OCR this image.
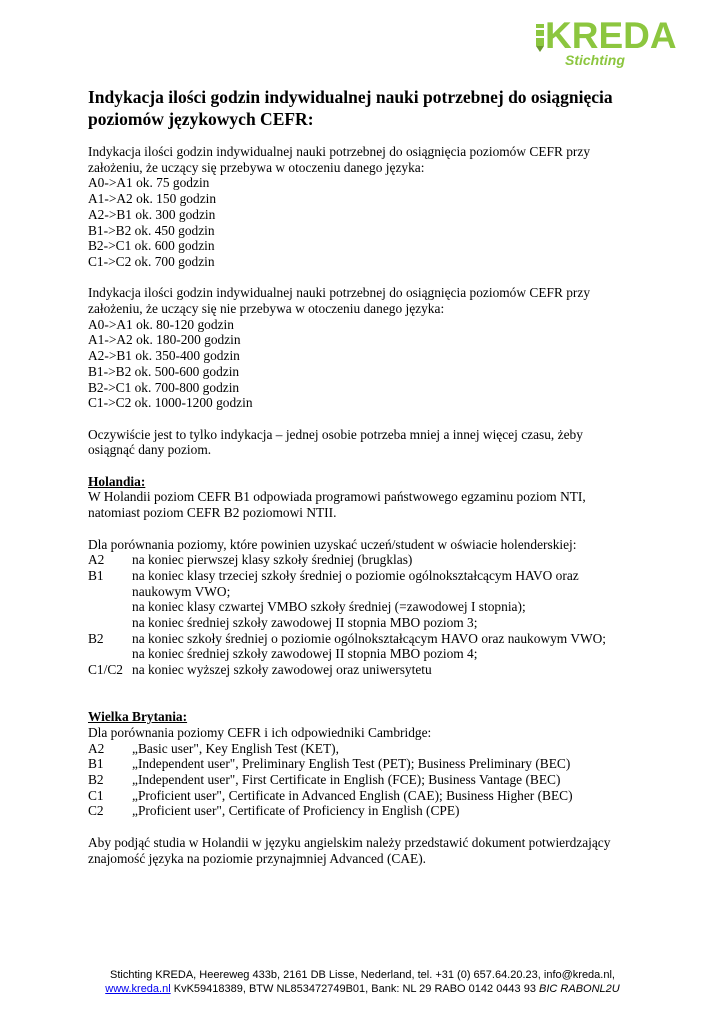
KREDA
Stichting
Indykacja ilości godzin indywidualnej nauki potrzebnej do osiągnięcia poziomów językowych CEFR:

Indykacja ilości godzin indywidualnej nauki potrzebnej do osiągnięcia poziomów CEFR przy

założeniu, że uczący się przebywa w otoczeniu danego języka:

A0->A1 ok. 75 godzin

A1->A2 ok. 150 godzin

A2->B1 ok. 300 godzin

B1->B2 ok. 450 godzin

B2->C1 ok. 600 godzin

C1->C2 ok. 700 godzin

Indykacja ilości godzin indywidualnej nauki potrzebnej do osiągnięcia poziomów CEFR przy

założeniu, że uczący się nie przebywa w otoczeniu danego języka:

A0->A1 ok. 80-120 godzin

A1->A2 ok. 180-200 godzin

A2->B1 ok. 350-400 godzin

B1->B2 ok. 500-600 godzin

B2->C1 ok. 700-800 godzin

C1->C2 ok. 1000-1200 godzin

Oczywiście jest to tylko indykacja – jednej osobie potrzeba mniej a innej więcej czasu, żeby

osiągnąć dany poziom.

Holandia:

W Holandii poziom CEFR B1 odpowiada programowi państwowego egzaminu poziom NTI,

natomiast poziom CEFR B2 poziomowi NTII.

Dla porównania poziomy, które powinien uzyskać uczeń/student w oświacie holenderskiej:

A2	na koniec pierwszej klasy szkoły średniej (brugklas)
B1	na koniec klasy trzeciej szkoły średniej o poziomie ogólnokształcącym HAVO oraz
naukowym VWO;
na koniec klasy czwartej VMBO szkoły średniej (=zawodowej I stopnia);
na koniec średniej szkoły zawodowej II stopnia MBO poziom 3;
B2	na koniec szkoły średniej o poziomie ogólnokształcącym HAVO oraz naukowym VWO;
na koniec średniej szkoły zawodowej II stopnia MBO poziom 4;
C1/C2 na koniec wyższej szkoły zawodowej oraz uniwersytetu
Wielka Brytania:

Dla porównania poziomy CEFR i ich odpowiedniki Cambridge:

A2	„Basic user", Key English Test (KET),
B1	„Independent user", Preliminary English Test (PET); Business Preliminary (BEC)
B2	„Independent user", First Certificate in English (FCE); Business Vantage (BEC)
C1	„Proficient user", Certificate in Advanced English (CAE); Business Higher (BEC)
C2	„Proficient user", Certificate of Proficiency in English (CPE)

Aby podjąć studia w Holandii w języku angielskim należy przedstawić dokument potwierdzający

znajomość języka na poziomie przynajmniej Advanced (CAE).

Stichting KREDA, Heereweg 433b, 2161 DB Lisse, Nederland, tel. +31 (0) 657.64.20.23, info@kreda.nl,
www.kreda.nl KvK59418389, BTW NL853472749B01, Bank: NL 29 RABO 0142 0443 93 BIC RABONL2U
